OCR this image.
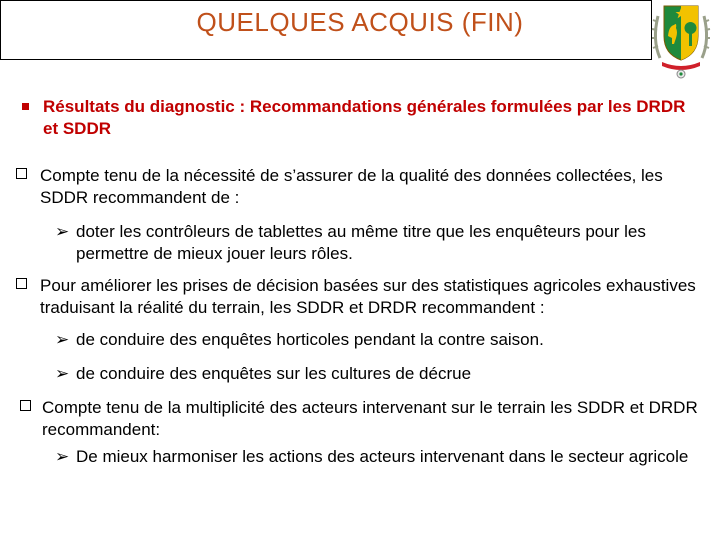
QUELQUES ACQUIS (FIN)
Résultats du diagnostic : Recommandations générales formulées par les DRDR et SDDR
Compte tenu de la nécessité de s’assurer de la qualité des données collectées, les SDDR recommandent de :
➢ doter les contrôleurs de tablettes au même titre que les enquêteurs pour les permettre de mieux jouer leurs rôles.
Pour améliorer les prises de décision basées sur des statistiques agricoles exhaustives traduisant la réalité du terrain, les SDDR et DRDR recommandent :
➢ de conduire des enquêtes horticoles pendant la contre saison.
➢ de conduire des enquêtes sur les cultures de décrue
Compte tenu de la multiplicité des acteurs intervenant sur le terrain les SDDR et DRDR recommandent:
➢ De mieux harmoniser les actions des acteurs intervenant dans le secteur agricole
